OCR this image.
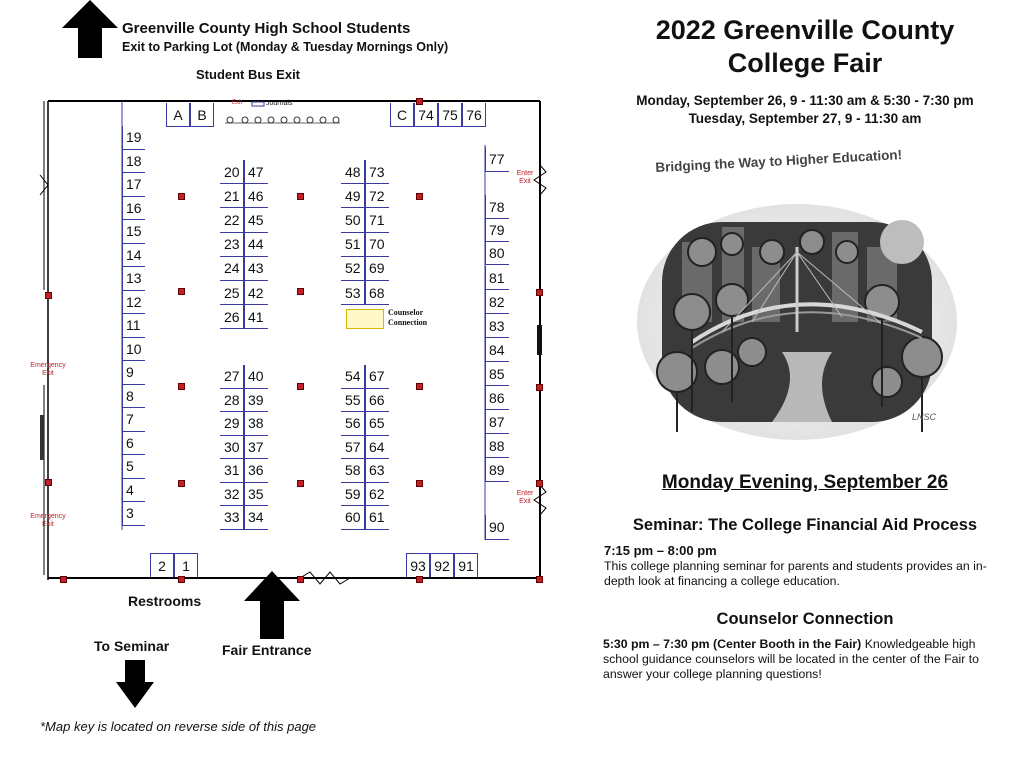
Greenville County High School Students
Exit to Parking Lot (Monday & Tuesday Mornings Only)
Student Bus Exit
Journals
Exit
Emergency Exit
Emergency Exit
Enter Exit
Enter Exit
19
18
17
16
15
14
13
12
11
10
9
8
7
6
5
4
3
77
78
79
80
81
82
83
84
85
86
87
88
89
90
A	B	C 74 75 76
2	1	93 92 91
20 47
21 46
22 45
23 44
24 43
25 42
26 41
27 40
28 39
29 38
30 37
31 36
32 35
33 34
48 73
49 72
50 71
51 70
52 69
53 68
54 67
55 66
56 65
57 64
58 63
59 62
60 61
Counselor Connection
Restrooms
Fair Entrance
To Seminar
*Map key is located on reverse side of this page
2022 Greenville County
College Fair
Monday, September 26, 9 - 11:30 am & 5:30 - 7:30 pm
Tuesday, September 27, 9 - 11:30 am
Bridging the Way to Higher Education!
LNSC
Monday Evening, September 26
Seminar: The College Financial Aid Process
7:15 pm – 8:00 pm
This college planning seminar for parents and students provides an in-depth look at financing a college education.
Counselor Connection
5:30 pm – 7:30 pm (Center Booth in the Fair) Knowledgeable high school guidance counselors will be located in the center of the Fair to answer your college planning questions!
